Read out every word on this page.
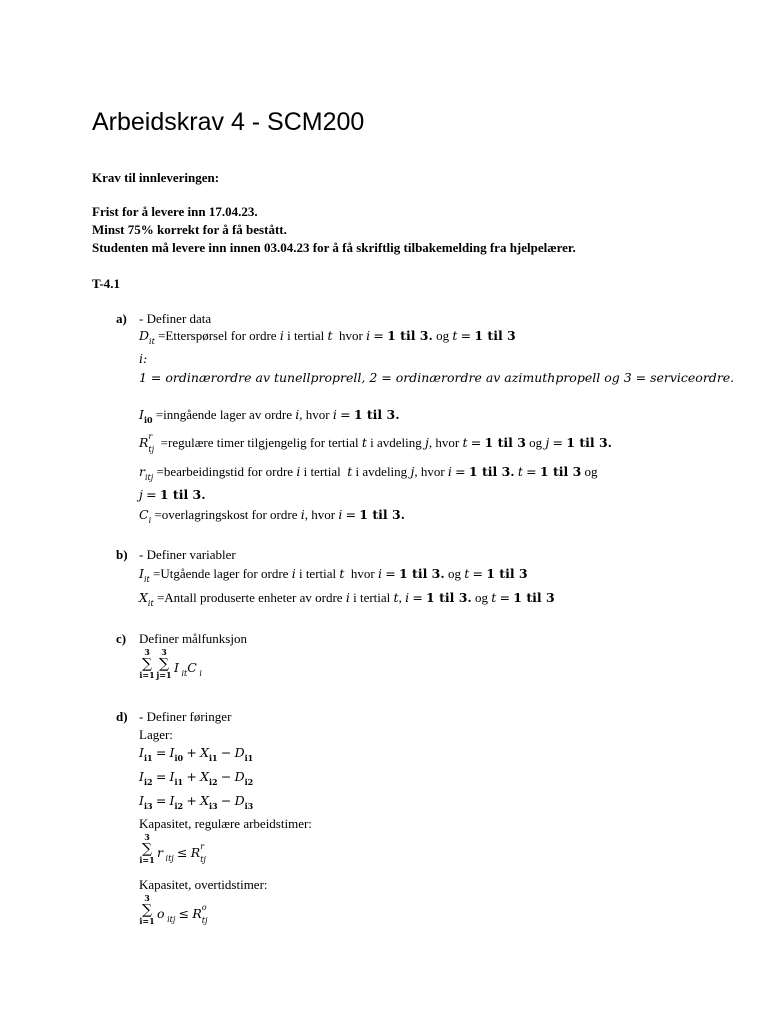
Arbeidskrav 4 - SCM200
Krav til innleveringen:
Frist for å levere inn 17.04.23.
Minst 75% korrekt for å få bestått.
Studenten må levere inn innen 03.04.23 for å få skriftlig tilbakemelding fra hjelpelærer.
T-4.1
a) - Definer data
$D_{it}$ =Etterspørsel for ordre i i tertial t hvor i = 1 til 3. og t = 1 til 3
i:
1 = ordinærordre av tunellproprell, 2 = ordinærordre av azimuthpropell og 3 = serviceordre.
$I_{i0}$ =inngående lager av ordre i, hvor i = 1 til 3.
R r
tj =regulære timer tilgjengelig for tertial t i avdeling j, hvor t = 1 til 3 og j = 1 til 3.
$r_{itj}$ =bearbeidingstid for ordre i i tertial t i avdeling j, hvor i = 1 til 3. t = 1 til 3 og
j = 1 til 3.
$C_i$ =overlagringskost for ordre i, hvor i = 1 til 3.
b) - Definer variabler
$I_{it}$ =Utgående lager for ordre i i tertial t hvor i = 1 til 3. og t = 1 til 3
$X_{it}$ =Antall produserte enheter av ordre i i tertial t, i = 1 til 3. og t = 1 til 3
c) Definer målfunksjon
3
∑
i=1
3
∑
j=1 I $_{it}$C $_i$
d) - Definer føringer
Lager:
$I_{i1} = I_{i0} + X_{i1} - D_{i1}$
$I_{i2} = I_{i1} + X_{i2} - D_{i2}$
$I_{i3} = I_{i2} + X_{i3} - D_{i3}$
Kapasitet, regulære arbeidstimer:
3
∑
i=1 r $_{itj}$ ≤ R r
tj
Kapasitet, overtidstimer:
3
∑
i=1 o $_{itj}$ ≤ R o
tj
